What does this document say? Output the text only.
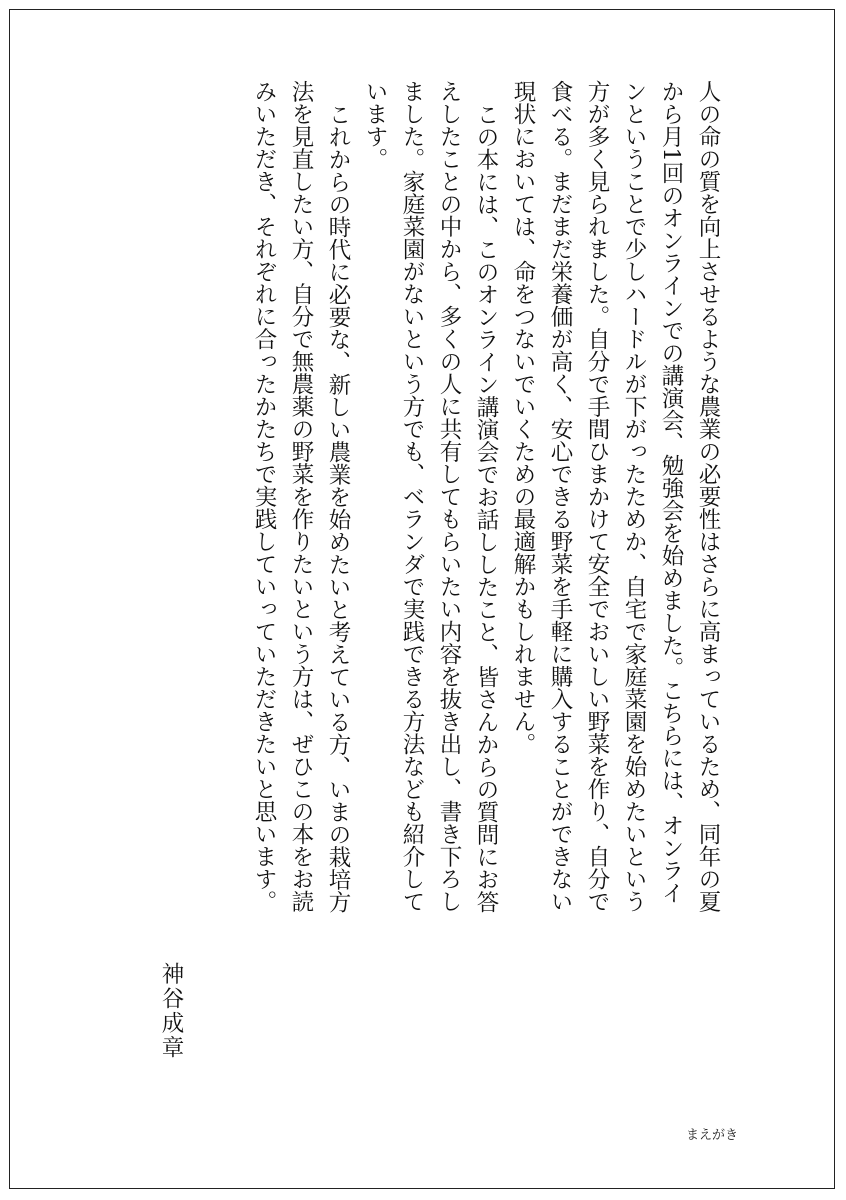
人の命の質を向上させるような農業の必要性はさらに高まっているため、同年の夏から月1回のオンラインでの講演会、勉強会を始めました。こちらには、オンラインということで少しハードルが下がったためか、自宅で家庭菜園を始めたいという方が多く見られました。自分で手間ひまかけて安全でおいしい野菜を作り、自分で食べる。まだまだ栄養価が高く、安心できる野菜を手軽に購入することができない現状においては、命をつないでいくための最適解かもしれません。

この本には、このオンライン講演会でお話ししたこと、皆さんからの質問にお答えしたことの中から、多くの人に共有してもらいたい内容を抜き出し、書き下ろしました。家庭菜園がないという方でも、ベランダで実践できる方法なども紹介しています。

これからの時代に必要な、新しい農業を始めたいと考えている方、いまの栽培方法を見直したい方、自分で無農薬の野菜を作りたいという方は、ぜひこの本をお読みいただき、それぞれに合ったかたちで実践していっていただきたいと思います。

神谷成章
まえがき
